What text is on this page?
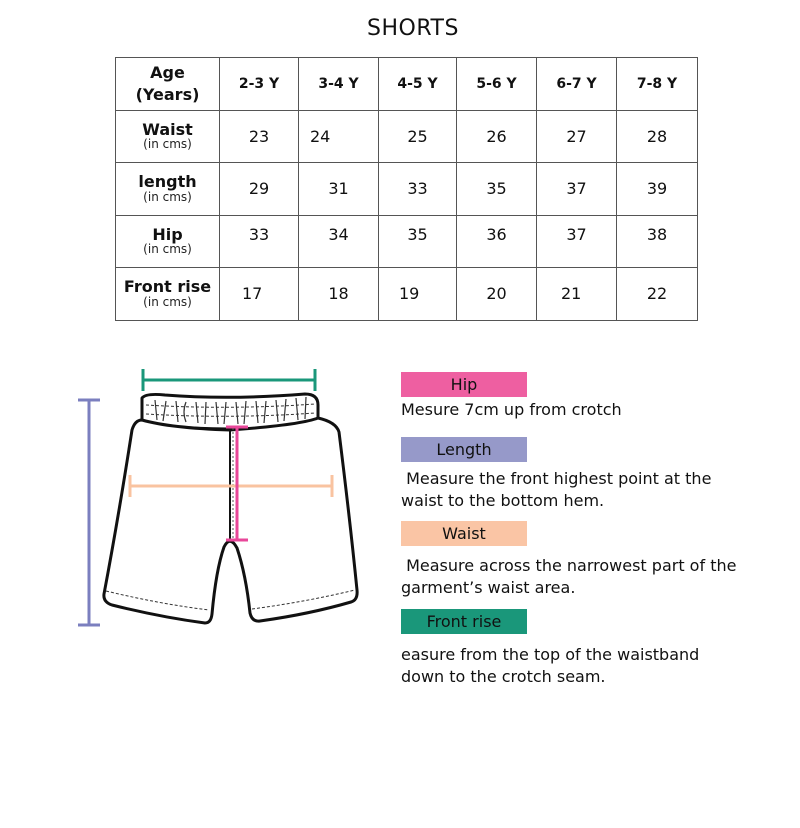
SHORTS
Age
(Years)	2-3 Y	3-4 Y	4-5 Y	5-6 Y	6-7 Y	7-8 Y

Waist
(in cms)	23	24	25	26	27	28

length
(in cms)	29	31	33	35	37	39

Hip
(in cms)	33	34	35	36	37	38

Front rise
(in cms)	17	18	19	20	21	22
Hip
Mesure 7cm up from crotch
Length
Measure the front highest point at the waist to the bottom hem.
Waist
Measure across the narrowest part of the garment’s waist area.
Front rise
easure from the top of the waistband down to the crotch seam.
